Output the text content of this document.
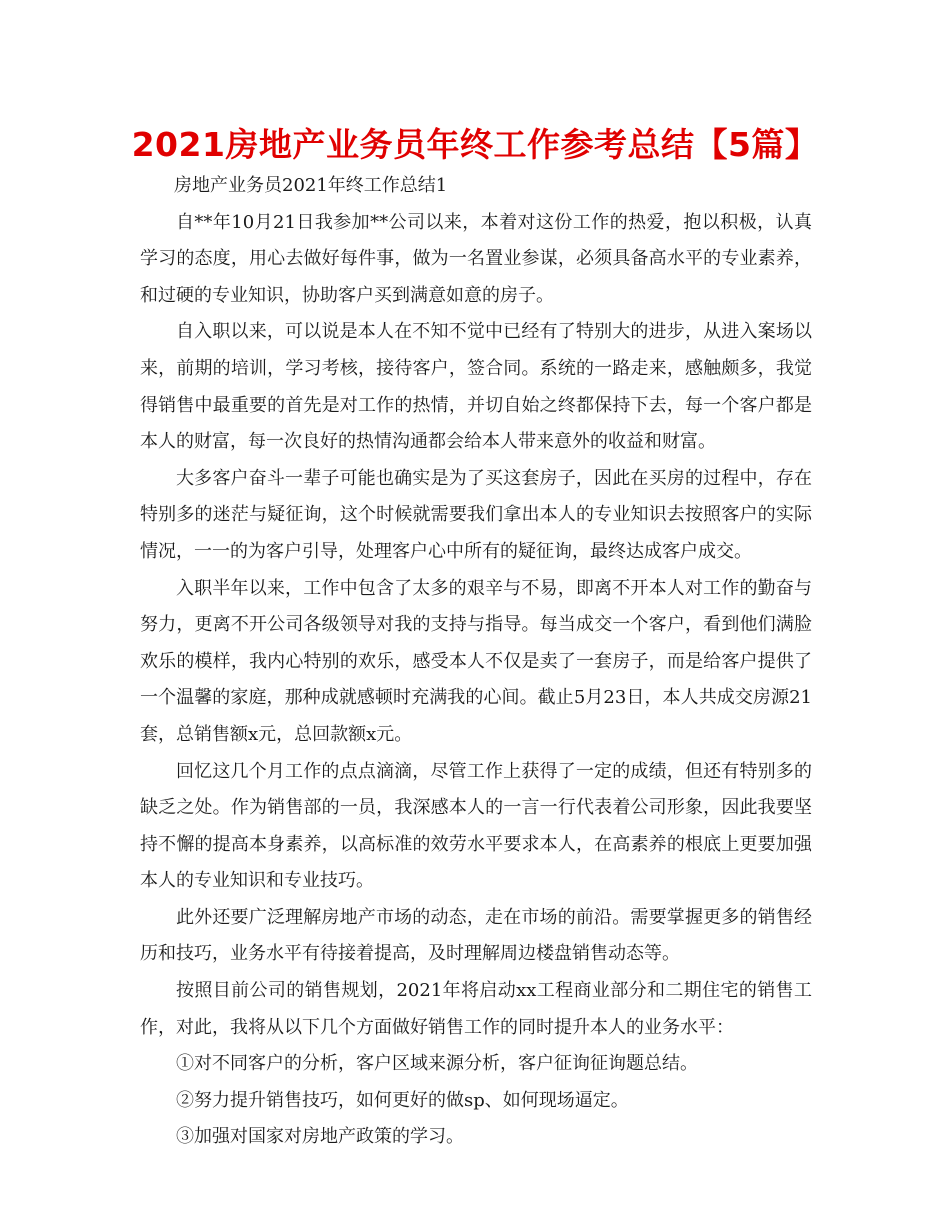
2021房地产业务员年终工作参考总结【5篇】

房地产业务员2021年终工作总结1

自**年10月21日我参加**公司以来，本着对这份工作的热爱，抱以积极，认真学习的态度，用心去做好每件事，做为一名置业参谋，必须具备高水平的专业素养，和过硬的专业知识，协助客户买到满意如意的房子。

自入职以来，可以说是本人在不知不觉中已经有了特别大的进步，从进入案场以来，前期的培训，学习考核，接待客户，签合同。系统的一路走来，感触颇多，我觉得销售中最重要的首先是对工作的热情，并切自始之终都保持下去，每一个客户都是本人的财富，每一次良好的热情沟通都会给本人带来意外的收益和财富。

大多客户奋斗一辈子可能也确实是为了买这套房子，因此在买房的过程中，存在特别多的迷茫与疑征询，这个时候就需要我们拿出本人的专业知识去按照客户的实际情况，一一的为客户引导，处理客户心中所有的疑征询，最终达成客户成交。

入职半年以来，工作中包含了太多的艰辛与不易，即离不开本人对工作的勤奋与努力，更离不开公司各级领导对我的支持与指导。每当成交一个客户，看到他们满脸欢乐的模样，我内心特别的欢乐，感受本人不仅是卖了一套房子，而是给客户提供了一个温馨的家庭，那种成就感顿时充满我的心间。截止5月23日，本人共成交房源21套，总销售额x元，总回款额x元。

回忆这几个月工作的点点滴滴，尽管工作上获得了一定的成绩，但还有特别多的缺乏之处。作为销售部的一员，我深感本人的一言一行代表着公司形象，因此我要坚持不懈的提高本身素养，以高标准的效劳水平要求本人，在高素养的根底上更要加强本人的专业知识和专业技巧。

此外还要广泛理解房地产市场的动态，走在市场的前沿。需要掌握更多的销售经历和技巧，业务水平有待接着提高，及时理解周边楼盘销售动态等。

按照目前公司的销售规划，2021年将启动xx工程商业部分和二期住宅的销售工作，对此，我将从以下几个方面做好销售工作的同时提升本人的业务水平：

①对不同客户的分析，客户区域来源分析，客户征询征询题总结。

②努力提升销售技巧，如何更好的做sp、如何现场逼定。

③加强对国家对房地产政策的学习。
